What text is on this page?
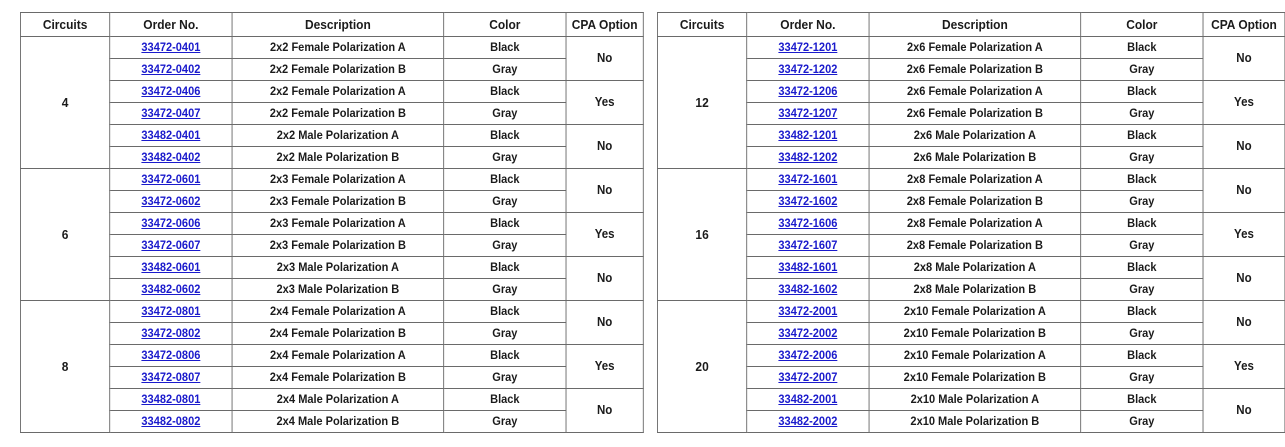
Circuits	Order No.	Description	Color	CPA Option
4	33472-0401	2x2 Female Polarization A	Black	No
	33472-0402	2x2 Female Polarization B	Gray	
	33472-0406	2x2 Female Polarization A	Black	Yes
	33472-0407	2x2 Female Polarization B	Gray	
	33482-0401	2x2 Male Polarization A	Black	No
	33482-0402	2x2 Male Polarization B	Gray	
6	33472-0601	2x3 Female Polarization A	Black	No
	33472-0602	2x3 Female Polarization B	Gray	
	33472-0606	2x3 Female Polarization A	Black	Yes
	33472-0607	2x3 Female Polarization B	Gray	
	33482-0601	2x3 Male Polarization A	Black	No
	33482-0602	2x3 Male Polarization B	Gray	
8	33472-0801	2x4 Female Polarization A	Black	No
	33472-0802	2x4 Female Polarization B	Gray	
	33472-0806	2x4 Female Polarization A	Black	Yes
	33472-0807	2x4 Female Polarization B	Gray	
	33482-0801	2x4 Male Polarization A	Black	No
	33482-0802	2x4 Male Polarization B	Gray	
Circuits	Order No.	Description	Color	CPA Option
12	33472-1201	2x6 Female Polarization A	Black	No
	33472-1202	2x6 Female Polarization B	Gray	
	33472-1206	2x6 Female Polarization A	Black	Yes
	33472-1207	2x6 Female Polarization B	Gray	
	33482-1201	2x6 Male Polarization A	Black	No
	33482-1202	2x6 Male Polarization B	Gray	
16	33472-1601	2x8 Female Polarization A	Black	No
	33472-1602	2x8 Female Polarization B	Gray	
	33472-1606	2x8 Female Polarization A	Black	Yes
	33472-1607	2x8 Female Polarization B	Gray	
	33482-1601	2x8 Male Polarization A	Black	No
	33482-1602	2x8 Male Polarization B	Gray	
20	33472-2001	2x10 Female Polarization A	Black	No
	33472-2002	2x10 Female Polarization B	Gray	
	33472-2006	2x10 Female Polarization A	Black	Yes
	33472-2007	2x10 Female Polarization B	Gray	
	33482-2001	2x10 Male Polarization A	Black	No
	33482-2002	2x10 Male Polarization B	Gray	
